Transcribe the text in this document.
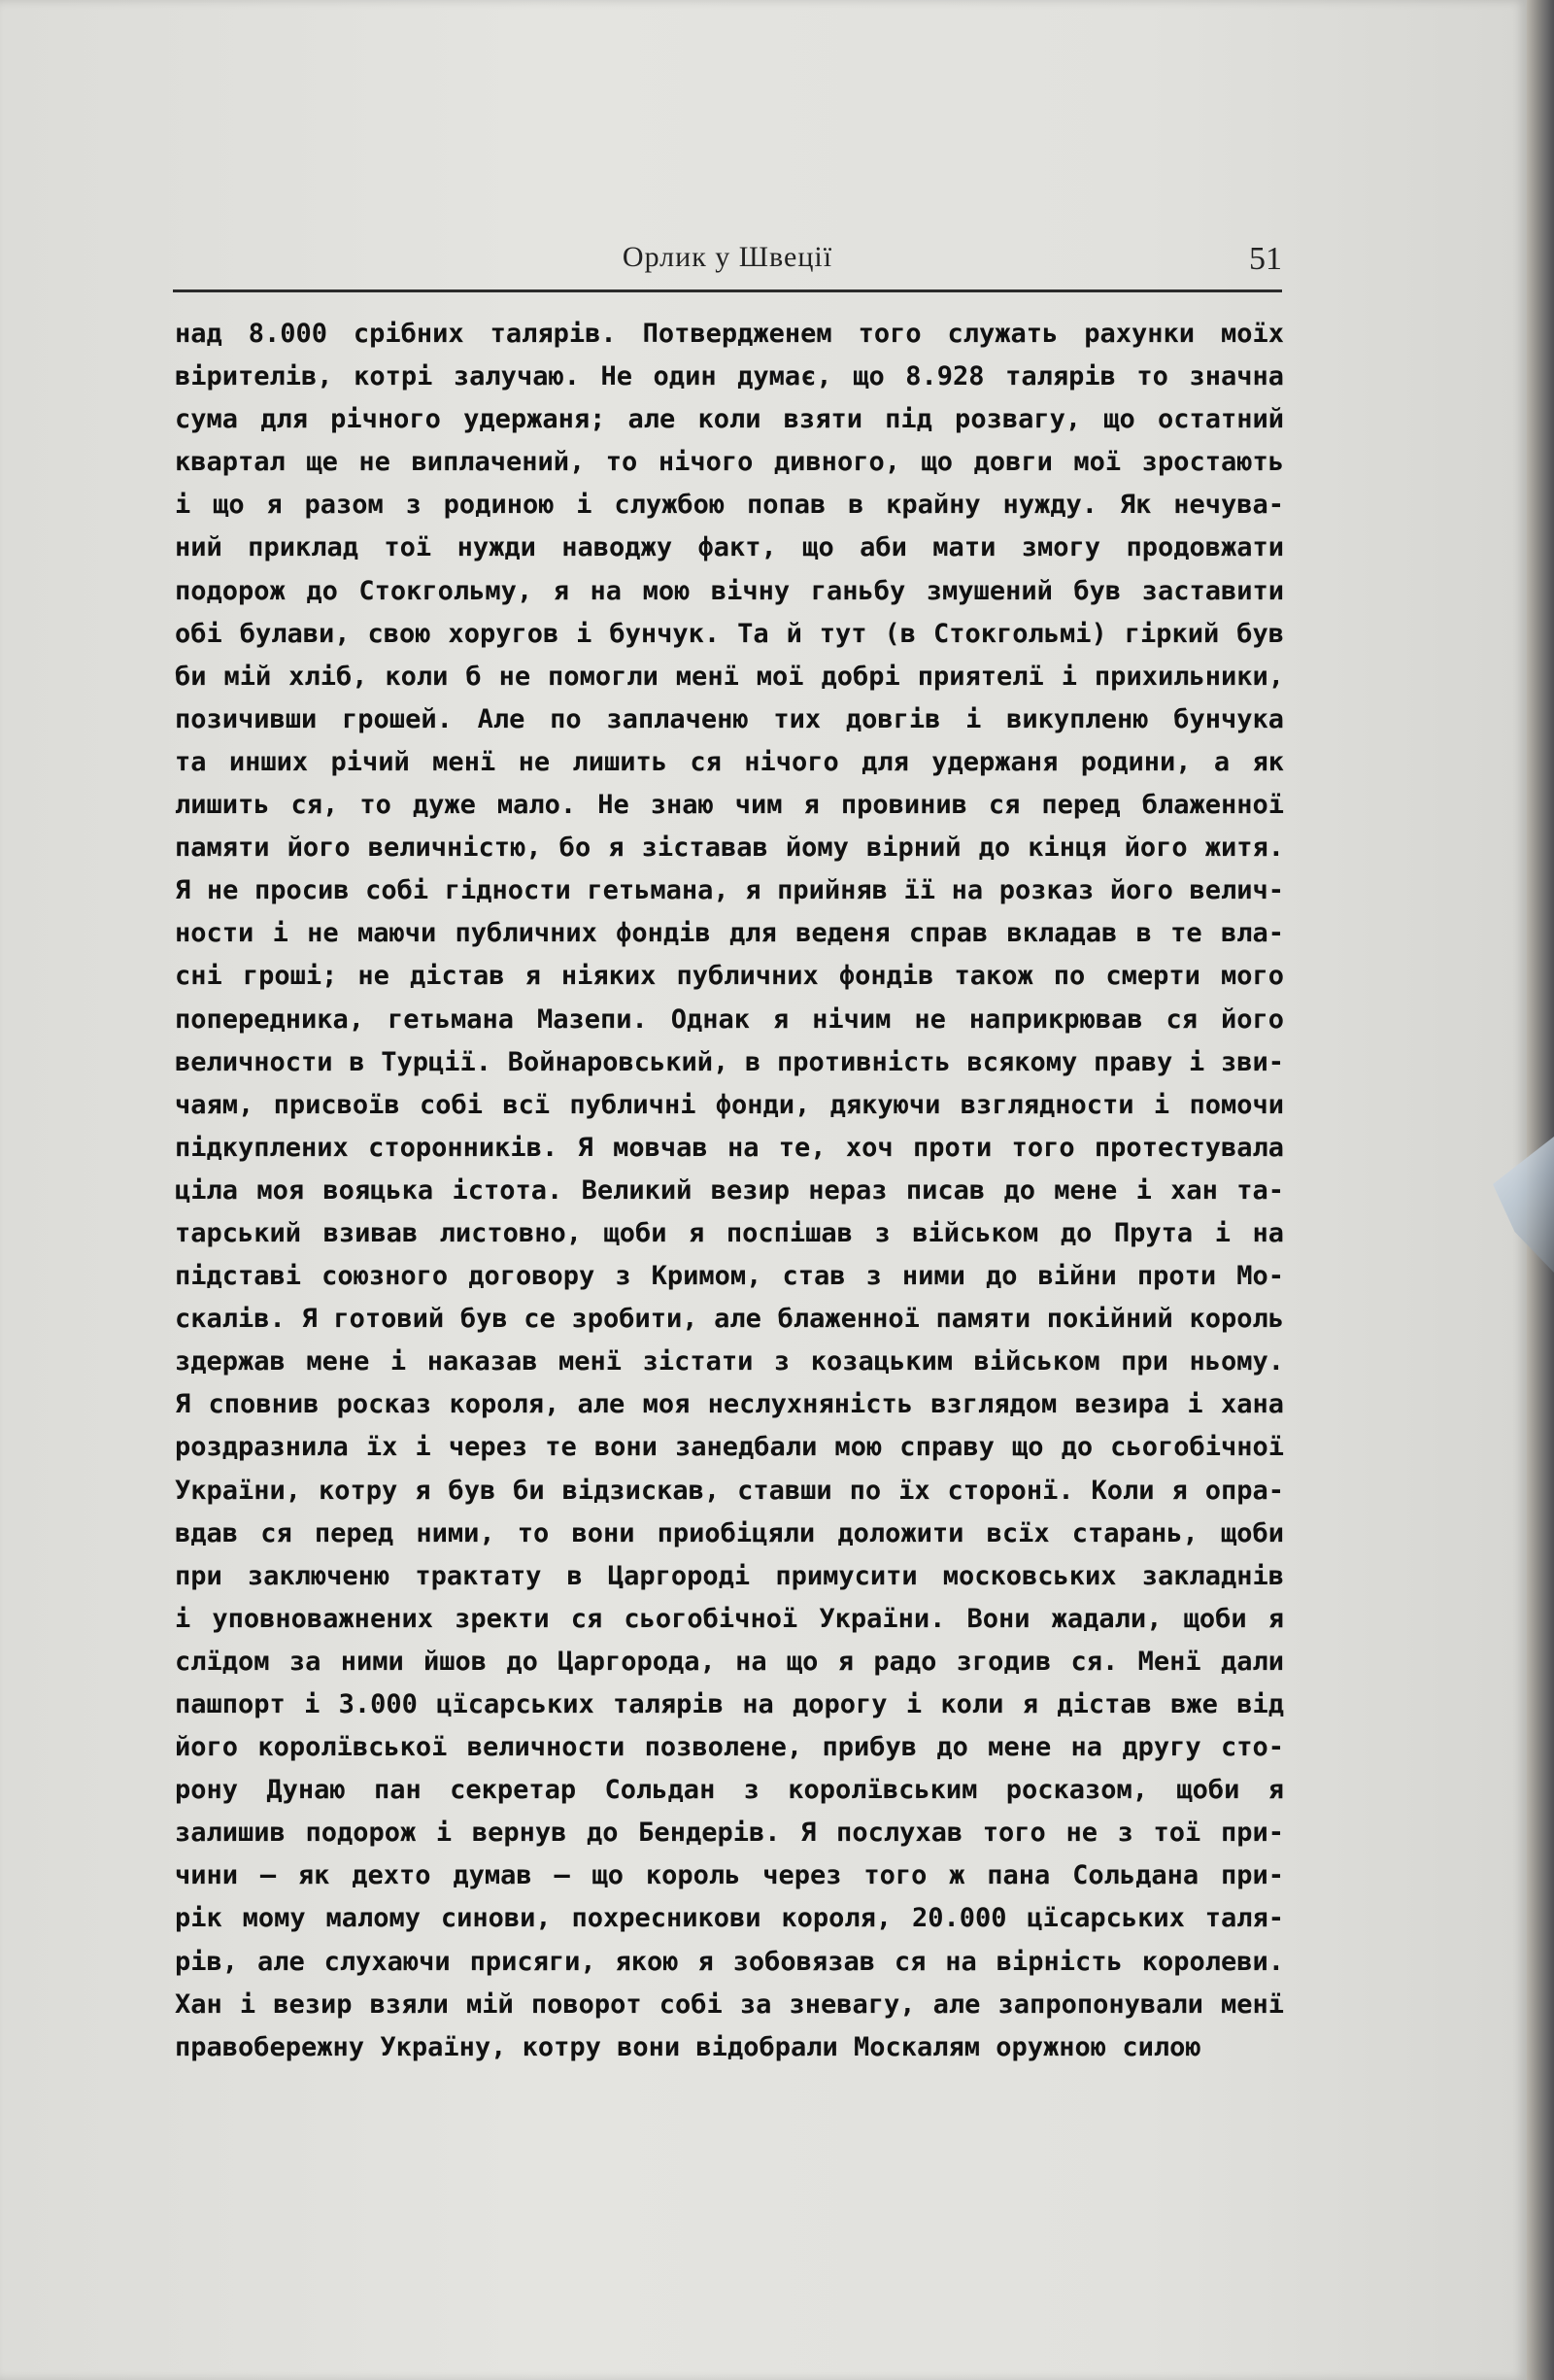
Орлик у Швеції	51
над 8.000 срібних талярів. Потвердженем того служать рахунки моїх
вірителів, котрі залучаю. Не один думає, що 8.928 талярів то значна
сума для річного удержаня; але коли взяти під розвагу, що остатний
квартал ще не виплачений, то нічого дивного, що довги мої зростають
і що я разом з родиною і службою попав в крайну нужду. Як нечува-
ний приклад тої нужди наводжу факт, що аби мати змогу продовжати
подорож до Стокгольму, я на мою вічну ганьбу змушений був заставити
обі булави, свою хоругов і бунчук. Та й тут (в Стокгольмі) гіркий був
би мій хліб, коли б не помогли менї мої добрі приятелї і прихильники,
позичивши грошей. Але по заплаченю тих довгів і викупленю бунчука
та инших річий менї не лишить ся нічого для удержаня родини, а як
лишить ся, то дуже мало. Не знаю чим я провинив ся перед блаженної
памяти його величністю, бо я зіставав йому вірний до кінця його житя.
Я не просив собі гідности гетьмана, я прийняв її на розказ його велич-
ности і не маючи публичних фондів для веденя справ вкладав в те вла-
сні гроші; не дістав я ніяких публичних фондів також по смерти мого
попередника, гетьмана Мазепи. Однак я нічим не наприкрював ся його
величности в Турції. Войнаровський, в противність всякому праву і зви-
чаям, присвоїв собі всї публичні фонди, дякуючи взглядности і помочи
підкуплених сторонників. Я мовчав на те, хоч проти того протестувала
ціла моя вояцька істота. Великий везир нераз писав до мене і хан та-
тарський взивав листовно, щоби я поспішав з військом до Прута і на
підставі союзного договору з Кримом, став з ними до війни проти Мо-
скалів. Я готовий був се зробити, але блаженної памяти покійний король
здержав мене і наказав менї зістати з козацьким військом при ньому.
Я сповнив росказ короля, але моя неслухняність взглядом везира і хана
роздразнила їх і через те вони занедбали мою справу що до сьогобічної
України, котру я був би відзискав, ставши по їх сторонї. Коли я опра-
вдав ся перед ними, то вони приобіцяли доложити всїх старань, щоби
при заключеню трактату в Царгороді примусити московських закладнів
і уповноважнених зректи ся сьогобічної України. Вони жадали, щоби я
слїдом за ними йшов до Царгорода, на що я радо згодив ся. Менї дали
пашпорт і 3.000 цїсарських талярів на дорогу і коли я дістав вже від
його королївської величности позволене, прибув до мене на другу сто-
рону Дунаю пан секретар Сольдан з королївським росказом, щоби я
залишив подорож і вернув до Бендерів. Я послухав того не з тої при-
чини — як дехто думав — що король через того ж пана Сольдана при-
рік мому малому синови, похресникови короля, 20.000 цїсарських таля-
рів, але слухаючи присяги, якою я зобовязав ся на вірність королеви.
Хан і везир взяли мій поворот собі за зневагу, але запропонували менї
правобережну Україну, котру вони відобрали Москалям оружною силою
